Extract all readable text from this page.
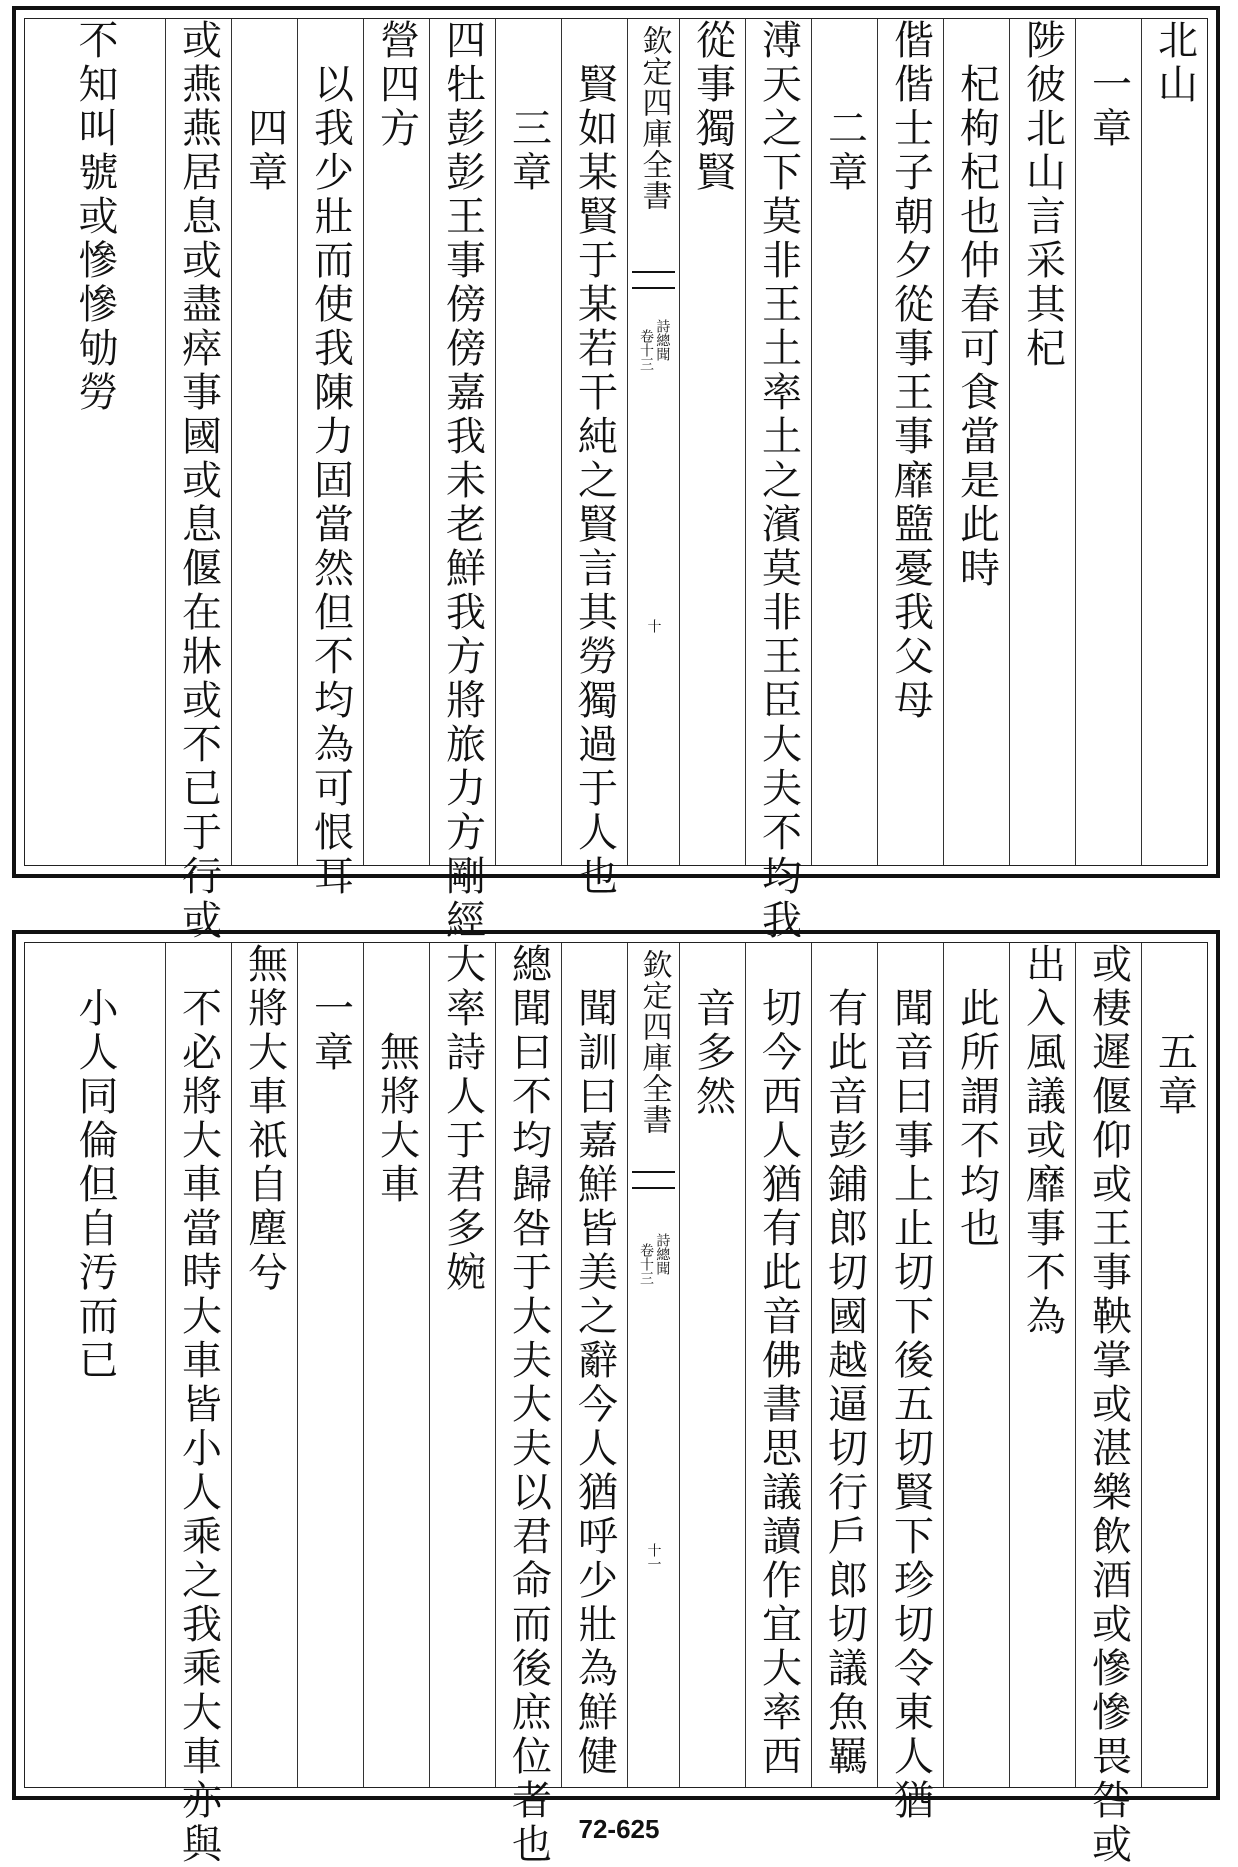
北山
　一章
陟彼北山言采其杞
　杞枸杞也仲春可食當是此時
偕偕士子朝夕從事王事靡盬憂我父母
　　二章
溥天之下莫非王土率土之濱莫非王臣大夫不均我
從事獨賢
欽定四庫全書
詩總聞
卷十三
十
　賢如某賢于某若干純之賢言其勞獨過于人也
　　三章
四牡彭彭王事傍傍嘉我未老鮮我方將旅力方剛經
營四方
　以我少壯而使我陳力固當然但不均為可恨耳
　　四章
或燕燕居息或盡瘁事國或息偃在牀或不已于行或
不知叫號或慘慘劬勞
　　五章
或棲遲偃仰或王事鞅掌或湛樂飲酒或慘慘畏咎或
出入風議或靡事不為
　此所謂不均也
　聞音曰事上止切下後五切賢下珍切令東人猶
　有此音彭鋪郎切國越逼切行戶郎切議魚羈
　切今西人猶有此音佛書思議讀作宜大率西
　音多然
欽定四庫全書
詩總聞
卷十三
十一
　聞訓曰嘉鮮皆美之辭今人猶呼少壯為鮮健
總聞曰不均歸咎于大夫大夫以君命而後庶位者也
大率詩人于君多婉
　　無將大車
　一章
無將大車祇自塵兮
　不必將大車當時大車皆小人乘之我乘大車亦與
　小人同倫但自汚而已
72-625
